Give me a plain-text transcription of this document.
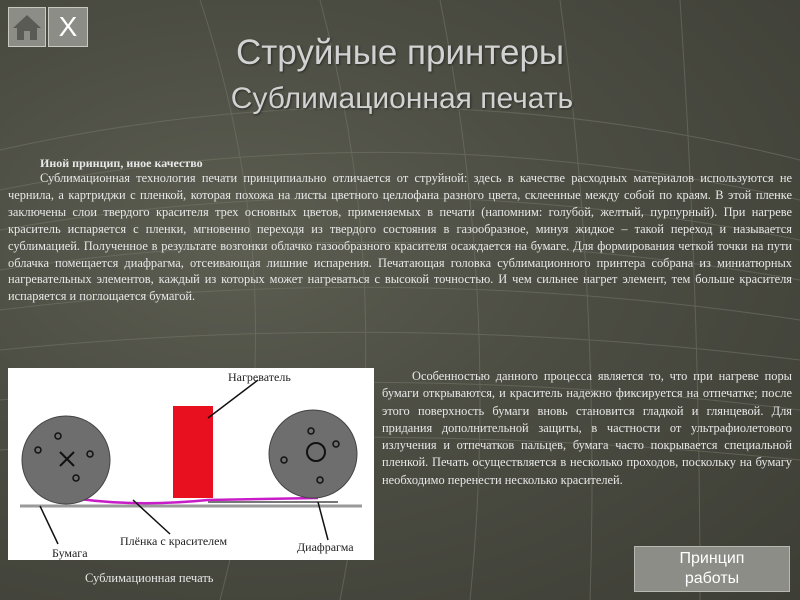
X
Струйные принтеры
Сублимационная печать
Иной принцип, иное качество
Сублимационная технология печати принципиально отличается от струйной: здесь в качестве расходных материалов используются не чернила, а картриджи с пленкой, которая похожа на листы цветного целлофана разного цвета, склеенные между собой по краям. В этой пленке заключены слои твердого красителя трех основных цветов, применяемых в печати (напомним: голубой, желтый, пурпурный). При нагреве краситель испаряется с пленки, мгновенно переходя из твердого состояния в газообразное, минуя жидкое – такой переход и называется сублимацией. Полученное в результате возгонки облачко газообразного красителя осаждается на бумаге. Для формирования четкой точки на пути облачка помещается диафрагма, отсеивающая лишние испарения. Печатающая головка сублимационного принтера собрана из миниатюрных нагревательных элементов, каждый из которых может нагреваться с высокой точностью. И чем сильнее нагрет элемент, тем больше красителя испаряется и поглощается бумагой.
Нагреватель
Бумага
Плёнка с красителем	Диафрагма
Особенностью данного процесса является то, что при нагреве поры бумаги открываются, и краситель надежно фиксируется на отпечатке; после этого поверхность бумаги вновь становится гладкой и глянцевой. Для придания дополнительной защиты, в частности от ультрафиолетового излучения и отпечатков пальцев, бумага часто покрывается специальной пленкой. Печать осуществляется в несколько проходов, поскольку на бумагу необходимо перенести несколько красителей.
Сублимационная печать
Принцип
работы
